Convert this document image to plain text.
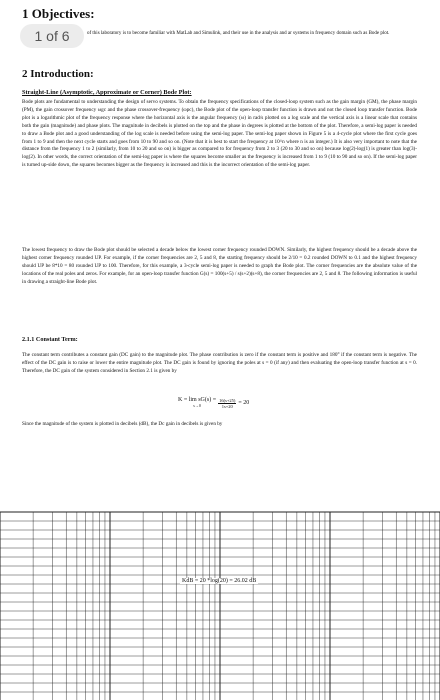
1 Objectives:
1 of 6	of this laboratory is to become familiar with MatLab and Simulink, and their use in the analysis and ar systems in frequency domain such as Bode plot.
2 Introduction:
Straight-Line (Asymptotic, Approximate or Corner) Bode Plot:
Bode plots are fundamental to understanding the design of servo systems. To obtain the frequency specifications of the closed-loop system such as the gain margin (GM), the phase margin (PM), the gain crossover frequency ωgc and the phase crossover-frequency (ωpc), the Bode plot of the open-loop transfer function is drawn and not the closed loop transfer function. Bode plot is a logarithmic plot of the frequency response where the horizontal axis is the angular frequency (ω) in rad/s plotted on a log scale and the vertical axis is a linear scale that contains both the gain (magnitude) and phase plots. The magnitude in decibels is plotted on the top and the phase in degrees is plotted at the bottom of the plot. Therefore, a semi-log paper is needed to draw a Bode plot and a good understanding of the log scale is needed before using the semi-log paper. The semi-log paper shown in Figure 5 is a 4-cycle plot where the first cycle goes from 1 to 9 and then the next cycle starts and goes from 10 to 90 and so on. (Note that it is best to start the frequency at 10^n where n is an integer.) It is also very important to note that the distance from the frequency 1 to 2 (similarly, from 10 to 20 and so on) is bigger as compared to for frequency from 2 to 3 (20 to 30 and so on) because log(2)-log(1) is greater than log(3)-log(2). In other words, the correct orientation of the semi-log paper is where the squares become smaller as the frequency is increased from 1 to 9 (10 to 90 and so on). If the semi-log paper is turned up-side down, the squares becomes bigger as the frequency is increased and this is the incorrect orientation of the semi-log paper.
The lowest frequency to draw the Bode plot should be selected a decade below the lowest corner frequency rounded DOWN. Similarly, the highest frequency should be a decade above the highest corner frequency rounded UP. For example, if the corner frequencies are 2, 5 and 8, the starting frequency should be 2/10 = 0.2 rounded DOWN to 0.1 and the highest frequency should UP be 8*10 = 80 rounded UP to 100. Therefore, for this example, a 3-cycle semi-log paper is needed to graph the Bode plot. The corner frequencies are the absolute value of the locations of the real poles and zeros. For example, for an open-loop transfer function G(s) = 100(s+5) / s(s+2)(s+8), the corner frequencies are 2, 5 and 8. The following information is useful in drawing a straight-line Bode plot.
2.1.1 Constant Term:
The constant term contributes a constant gain (DC gain) to the magnitude plot. The phase contribution is zero if the constant term is positive and 180° if the constant term is negative. The effect of the DC gain is to raise or lower the entire magnitude plot. The DC gain is found by ignoring the poles at s = 0 (if any) and then evaluating the open-loop transfer function at s = 0. Therefore, the DC gain of the system considered in Section 2.1 is given by
K = lim sG(s) =
s→0	$\frac{16(s+25)}{1s+20} = 20$
Since the magnitude of the system is plotted in decibels (dB), the Dc gain in decibels is given by
KdB = 20 *log(20) = 26.02 dB
